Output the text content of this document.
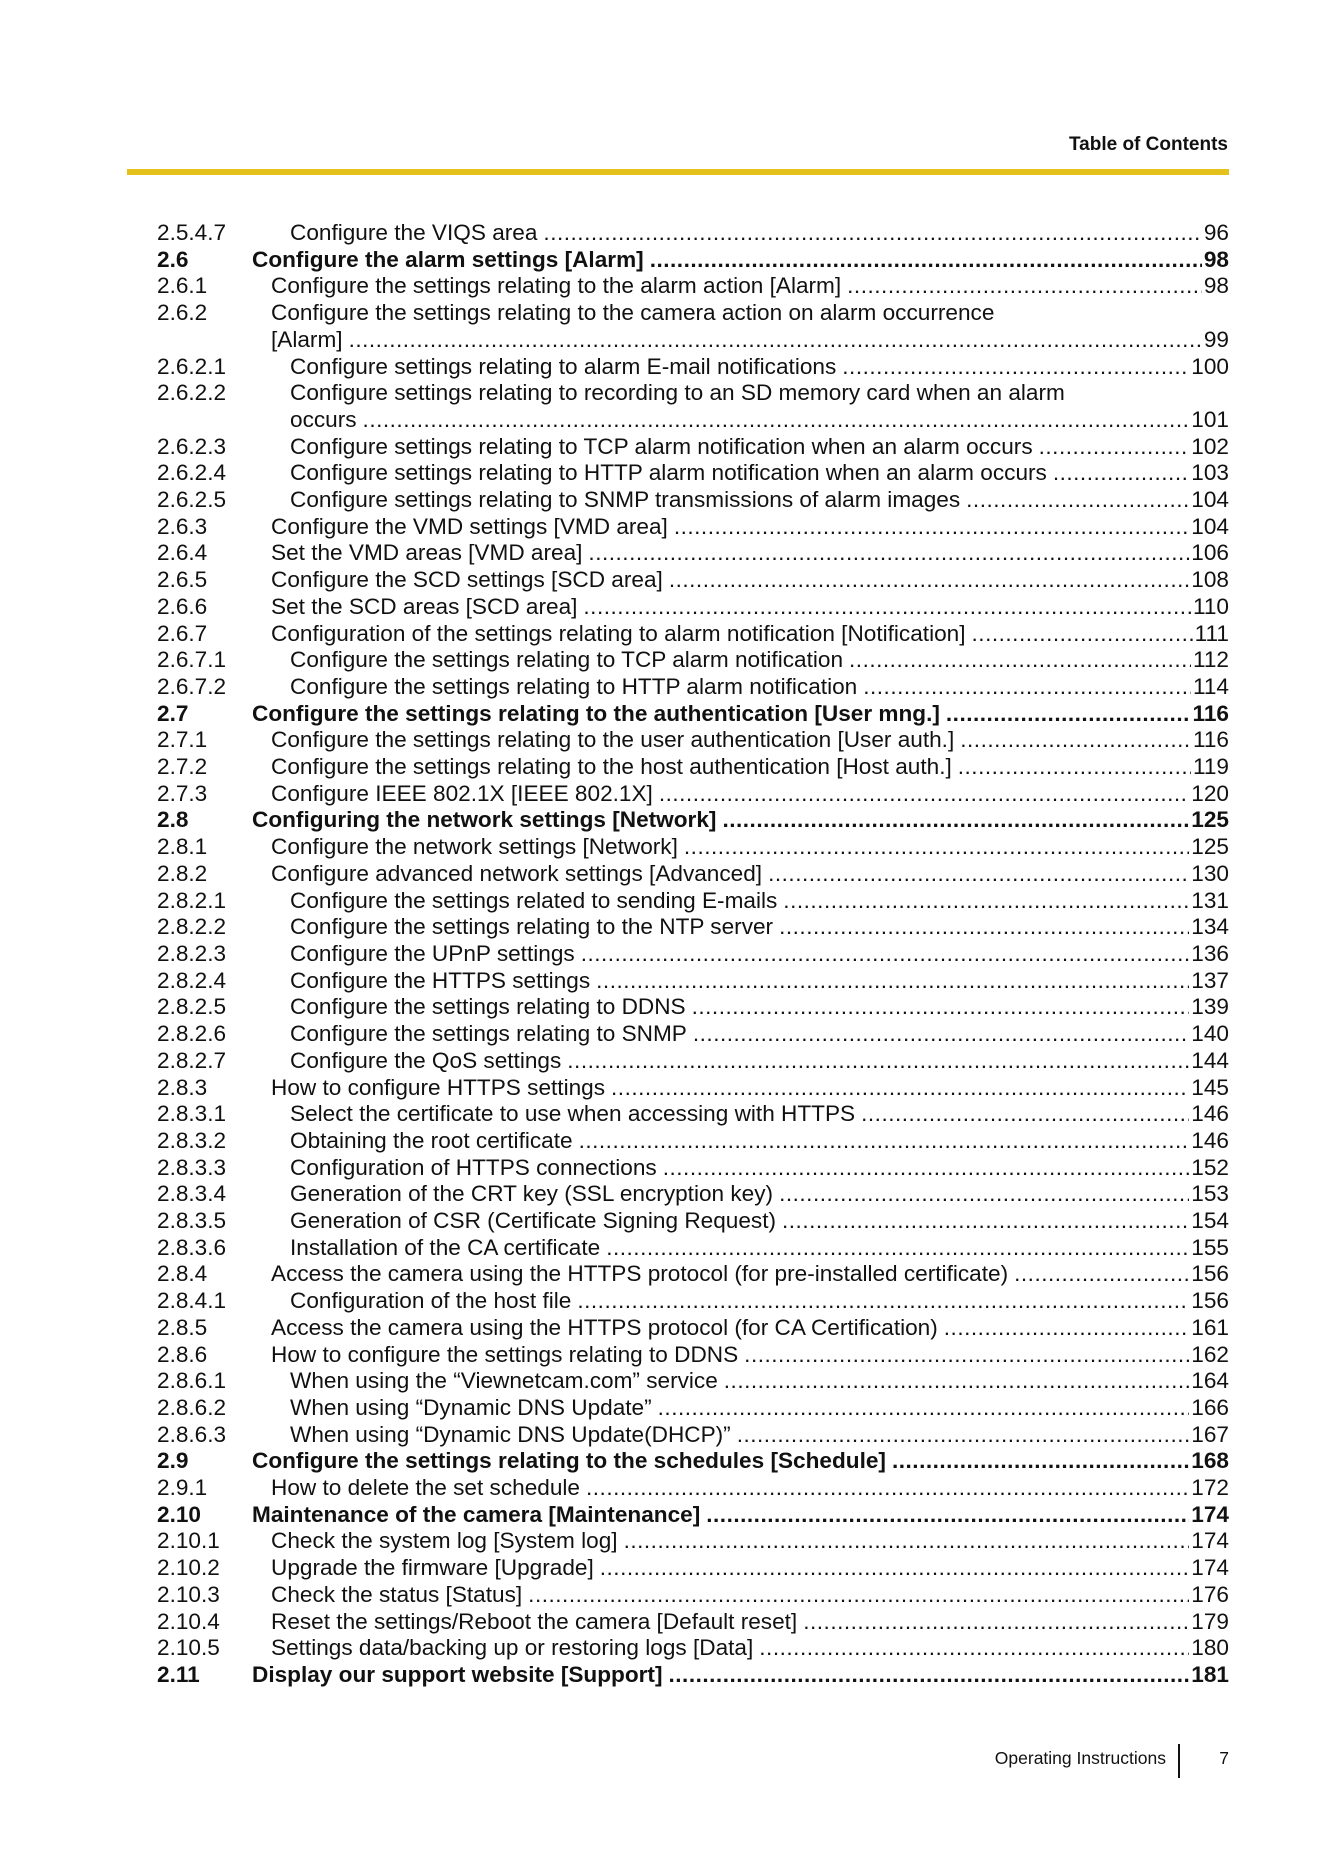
Table of Contents
2.5.4.7	Configure the VIQS area .....	96
2.6	Configure the alarm settings [Alarm] .....	98
2.6.1	Configure the settings relating to the alarm action [Alarm] .....	98
2.6.2	Configure the settings relating to the camera action on alarm occurrence
[Alarm] .....	99
2.6.2.1	Configure settings relating to alarm E-mail notifications .....	100
2.6.2.2	Configure settings relating to recording to an SD memory card when an alarm
occurs .....	101
2.6.2.3	Configure settings relating to TCP alarm notification when an alarm occurs .....	102
2.6.2.4	Configure settings relating to HTTP alarm notification when an alarm occurs .....	103
2.6.2.5	Configure settings relating to SNMP transmissions of alarm images .....	104
2.6.3	Configure the VMD settings [VMD area] .....	104
2.6.4	Set the VMD areas [VMD area] .....	106
2.6.5	Configure the SCD settings [SCD area] .....	108
2.6.6	Set the SCD areas [SCD area] .....	110
2.6.7	Configuration of the settings relating to alarm notification [Notification] .....	111
2.6.7.1	Configure the settings relating to TCP alarm notification .....	112
2.6.7.2	Configure the settings relating to HTTP alarm notification .....	114
2.7	Configure the settings relating to the authentication [User mng.] .....	116
2.7.1	Configure the settings relating to the user authentication [User auth.] .....	116
2.7.2	Configure the settings relating to the host authentication [Host auth.] .....	119
2.7.3	Configure IEEE 802.1X [IEEE 802.1X] .....	120
2.8	Configuring the network settings [Network] .....	125
2.8.1	Configure the network settings [Network] .....	125
2.8.2	Configure advanced network settings [Advanced] .....	130
2.8.2.1	Configure the settings related to sending E-mails .....	131
2.8.2.2	Configure the settings relating to the NTP server .....	134
2.8.2.3	Configure the UPnP settings .....	136
2.8.2.4	Configure the HTTPS settings .....	137
2.8.2.5	Configure the settings relating to DDNS .....	139
2.8.2.6	Configure the settings relating to SNMP .....	140
2.8.2.7	Configure the QoS settings .....	144
2.8.3	How to configure HTTPS settings .....	145
2.8.3.1	Select the certificate to use when accessing with HTTPS .....	146
2.8.3.2	Obtaining the root certificate .....	146
2.8.3.3	Configuration of HTTPS connections .....	152
2.8.3.4	Generation of the CRT key (SSL encryption key) .....	153
2.8.3.5	Generation of CSR (Certificate Signing Request) .....	154
2.8.3.6	Installation of the CA certificate .....	155
2.8.4	Access the camera using the HTTPS protocol (for pre-installed certificate) .....	156
2.8.4.1	Configuration of the host file .....	156
2.8.5	Access the camera using the HTTPS protocol (for CA Certification) .....	161
2.8.6	How to configure the settings relating to DDNS .....	162
2.8.6.1	When using the “Viewnetcam.com” service .....	164
2.8.6.2	When using “Dynamic DNS Update” .....	166
2.8.6.3	When using “Dynamic DNS Update(DHCP)” .....	167
2.9	Configure the settings relating to the schedules [Schedule] .....	168
2.9.1	How to delete the set schedule .....	172
2.10 Maintenance of the camera [Maintenance] .....	174
2.10.1 Check the system log [System log] .....	174
2.10.2 Upgrade the firmware [Upgrade] .....	174
2.10.3 Check the status [Status] .....	176
2.10.4 Reset the settings/Reboot the camera [Default reset] .....	179
2.10.5 Settings data/backing up or restoring logs [Data] .....	180
2.11 Display our support website [Support] .....	181
Operating Instructions	7
